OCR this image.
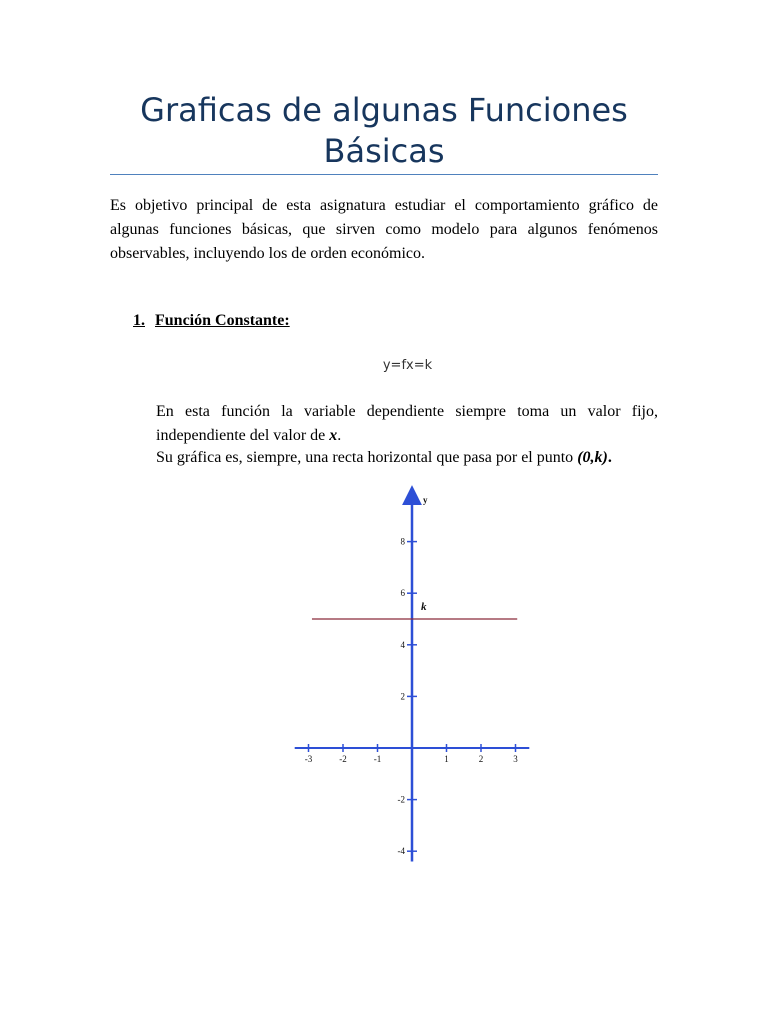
Graficas de algunas Funciones
Básicas

Es objetivo principal de esta asignatura estudiar el comportamiento gráfico de algunas funciones básicas, que sirven como modelo para algunos fenómenos observables, incluyendo los de orden económico.

1. Función Constante:

y=fx=k

En esta función la variable dependiente siempre toma un valor fijo, independiente del valor de x.

Su gráfica es, siempre, una recta horizontal que pasa por el punto (0,k).

-3	-2	-1	1	2	3
8
6
4
2
-2
-4
y
k
